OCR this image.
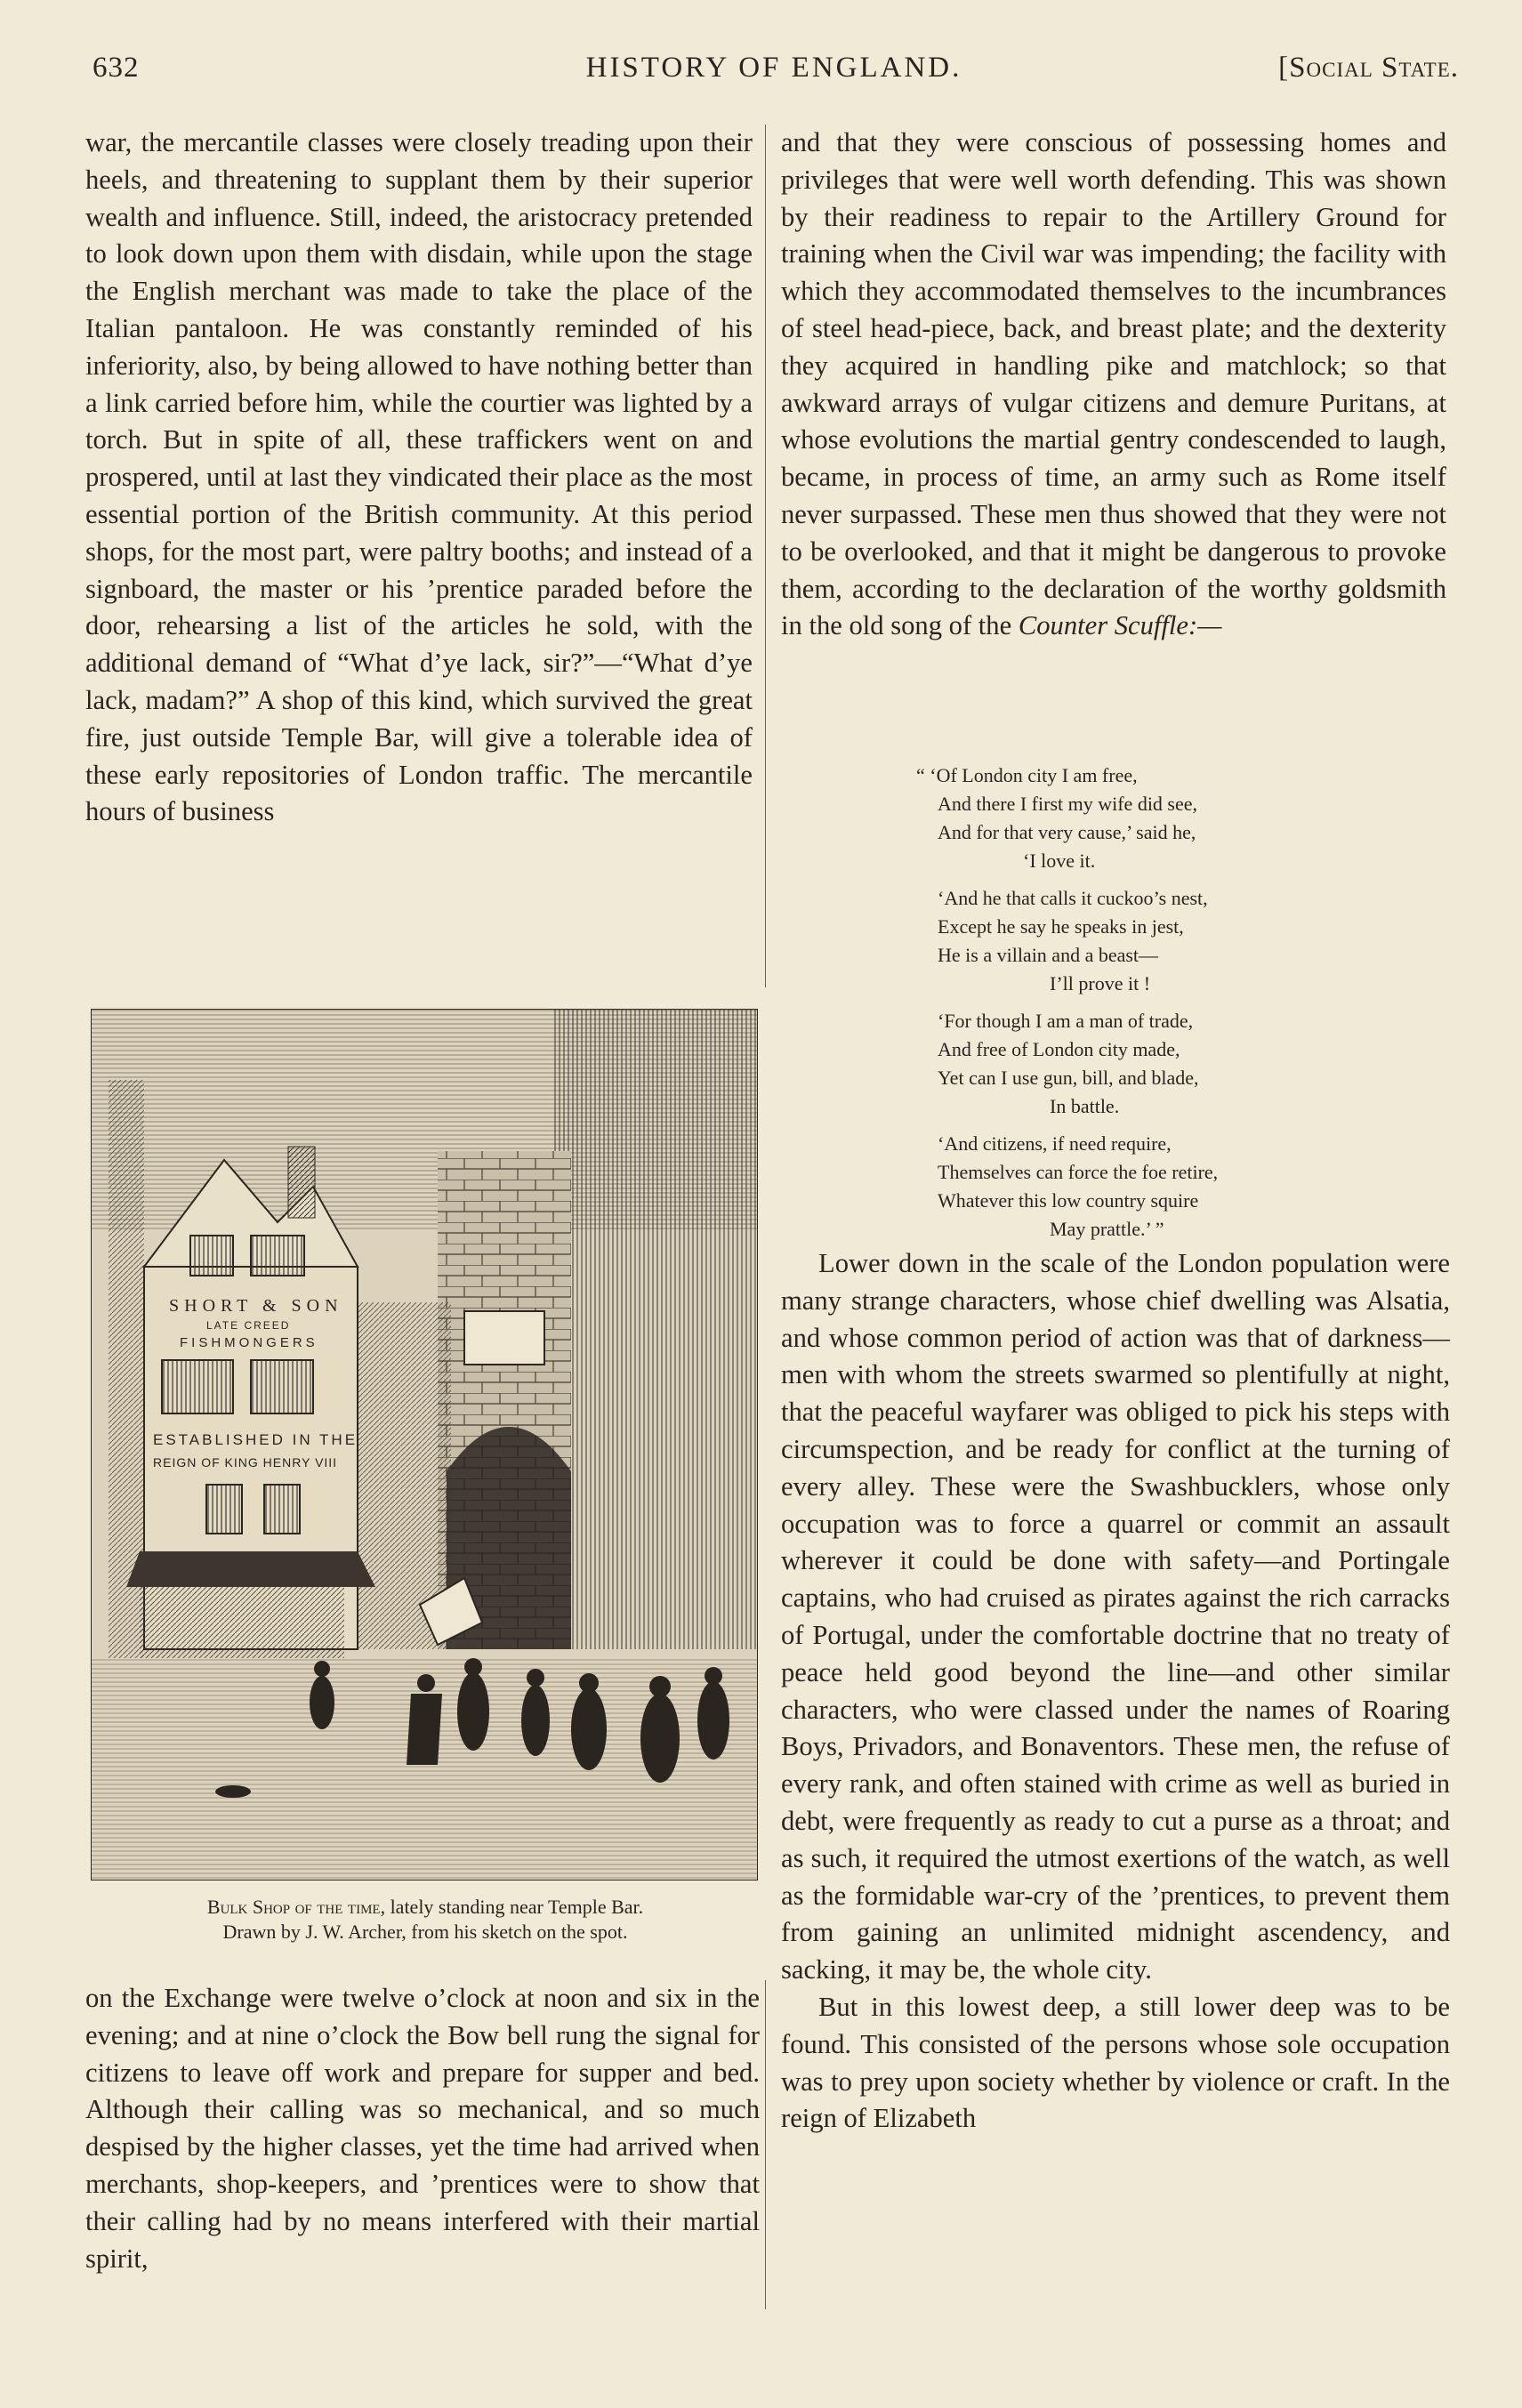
632	HISTORY OF ENGLAND.	[Social State.

war, the mercantile classes were closely treading upon their heels, and threatening to supplant them by their superior wealth and influence. Still, indeed, the aristocracy pretended to look down upon them with disdain, while upon the stage the English merchant was made to take the place of the Italian pantaloon. He was constantly reminded of his inferiority, also, by being allowed to have nothing better than a link carried before him, while the courtier was lighted by a torch. But in spite of all, these traffickers went on and prospered, until at last they vindicated their place as the most essential portion of the British community. At this period shops, for the most part, were paltry booths; and instead of a signboard, the master or his ’prentice paraded before the door, rehearsing a list of the articles he sold, with the additional demand of “What d’ye lack, sir?”—“What d’ye lack, madam?” A shop of this kind, which survived the great fire, just outside Temple Bar, will give a tolerable idea of these early repositories of London traffic. The mercantile hours of business

SHORT & SON
LATE CREED
FISHMONGERS
ESTABLISHED IN THE
REIGN OF KING HENRY VIII
Bulk Shop of the time, lately standing near Temple Bar.
Drawn by J. W. Archer, from his sketch on the spot.

on the Exchange were twelve o’clock at noon and six in the evening; and at nine o’clock the Bow bell rung the signal for citizens to leave off work and prepare for supper and bed. Although their calling was so mechanical, and so much despised by the higher classes, yet the time had arrived when merchants, shop-keepers, and ’prentices were to show that their calling had by no means interfered with their martial spirit,

and that they were conscious of possessing homes and privileges that were well worth defending. This was shown by their readiness to repair to the Artillery Ground for training when the Civil war was impending; the facility with which they accommodated themselves to the incumbrances of steel head-piece, back, and breast plate; and the dexterity they acquired in handling pike and matchlock; so that awkward arrays of vulgar citizens and demure Puritans, at whose evolutions the martial gentry condescended to laugh, became, in process of time, an army such as Rome itself never surpassed. These men thus showed that they were not to be overlooked, and that it might be dangerous to provoke them, according to the declaration of the worthy goldsmith in the old song of the Counter Scuffle:—

“ ‘Of London city I am free,
And there I first my wife did see,
And for that very cause,’ said he,
‘I love it.
‘And he that calls it cuckoo’s nest,
Except he say he speaks in jest,
He is a villain and a beast—
I’ll prove it !
‘For though I am a man of trade,
And free of London city made,
Yet can I use gun, bill, and blade,
In battle.
‘And citizens, if need require,
Themselves can force the foe retire,
Whatever this low country squire
May prattle.’ ”

Lower down in the scale of the London population were many strange characters, whose chief dwelling was Alsatia, and whose common period of action was that of darkness—men with whom the streets swarmed so plentifully at night, that the peaceful wayfarer was obliged to pick his steps with circumspection, and be ready for conflict at the turning of every alley. These were the Swashbucklers, whose only occupation was to force a quarrel or commit an assault wherever it could be done with safety—and Portingale captains, who had cruised as pirates against the rich carracks of Portugal, under the comfortable doctrine that no treaty of peace held good beyond the line—and other similar characters, who were classed under the names of Roaring Boys, Privadors, and Bonaventors. These men, the refuse of every rank, and often stained with crime as well as buried in debt, were frequently as ready to cut a purse as a throat; and as such, it required the utmost exertions of the watch, as well as the formidable war-cry of the ’prentices, to prevent them from gaining an unlimited midnight ascendency, and sacking, it may be, the whole city.

But in this lowest deep, a still lower deep was to be found. This consisted of the persons whose sole occupation was to prey upon society whether by violence or craft. In the reign of Elizabeth
